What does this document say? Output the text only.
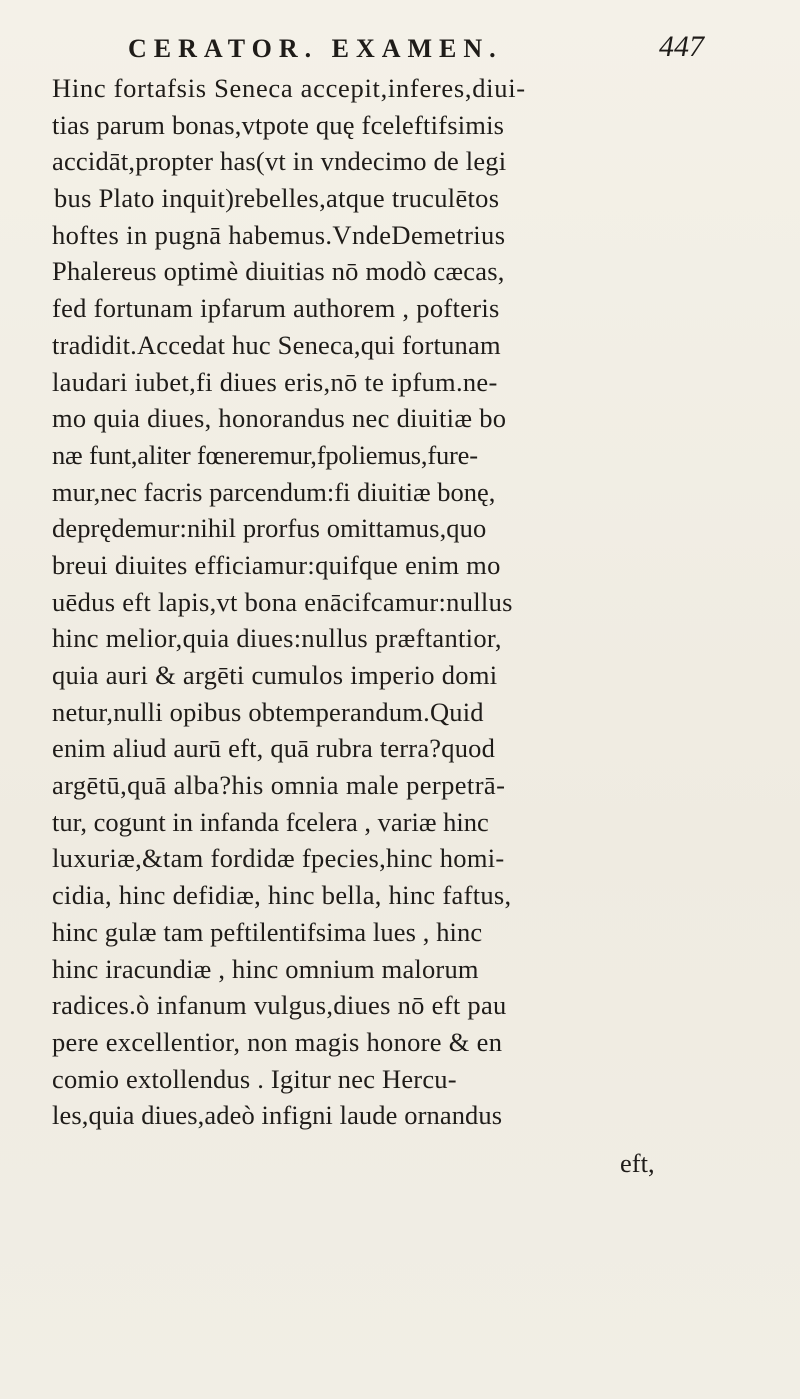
CERATOR. EXAMEN.	447
Hinc fortafsis Seneca accepit,inferes,diui-
tias parum bonas,vtpote quę fceleftifsimis
accidāt,propter has(vt in vndecimo de legi
bus Plato inquit)rebelles,atque truculētos
hoftes in pugnā habemus.VndeDemetrius
Phalereus optimè diuitias nō modò cæcas,
fed fortunam ipfarum authorem , pofteris
tradidit.Accedat huc Seneca,qui fortunam
laudari iubet,fi diues eris,nō te ipfum.ne-
mo quia diues, honorandus nec diuitiæ bo
næ funt,aliter fœneremur,fpoliemus,fure-
mur,nec facris parcendum:fi diuitiæ bonę,
deprędemur:nihil prorfus omittamus,quo
breui diuites efficiamur:quifque enim mo
uēdus eft lapis,vt bona enācifcamur:nullus
hinc melior,quia diues:nullus præftantior,
quia auri & argēti cumulos imperio domi
netur,nulli opibus obtemperandum.Quid
enim aliud aurū eft, quā rubra terra?quod
argētū,quā alba?his omnia male perpetrā-
tur, cogunt in infanda fcelera , variæ hinc
luxuriæ,&tam fordidæ fpecies,hinc homi-
cidia, hinc defidiæ, hinc bella, hinc faftus,
hinc gulæ tam peftilentifsima lues , hinc
hinc iracundiæ , hinc omnium malorum
radices.ò infanum vulgus,diues nō eft pau
pere excellentior, non magis honore & en
comio extollendus . Igitur nec Hercu-
les,quia diues,adeò infigni laude ornandus
eft,
